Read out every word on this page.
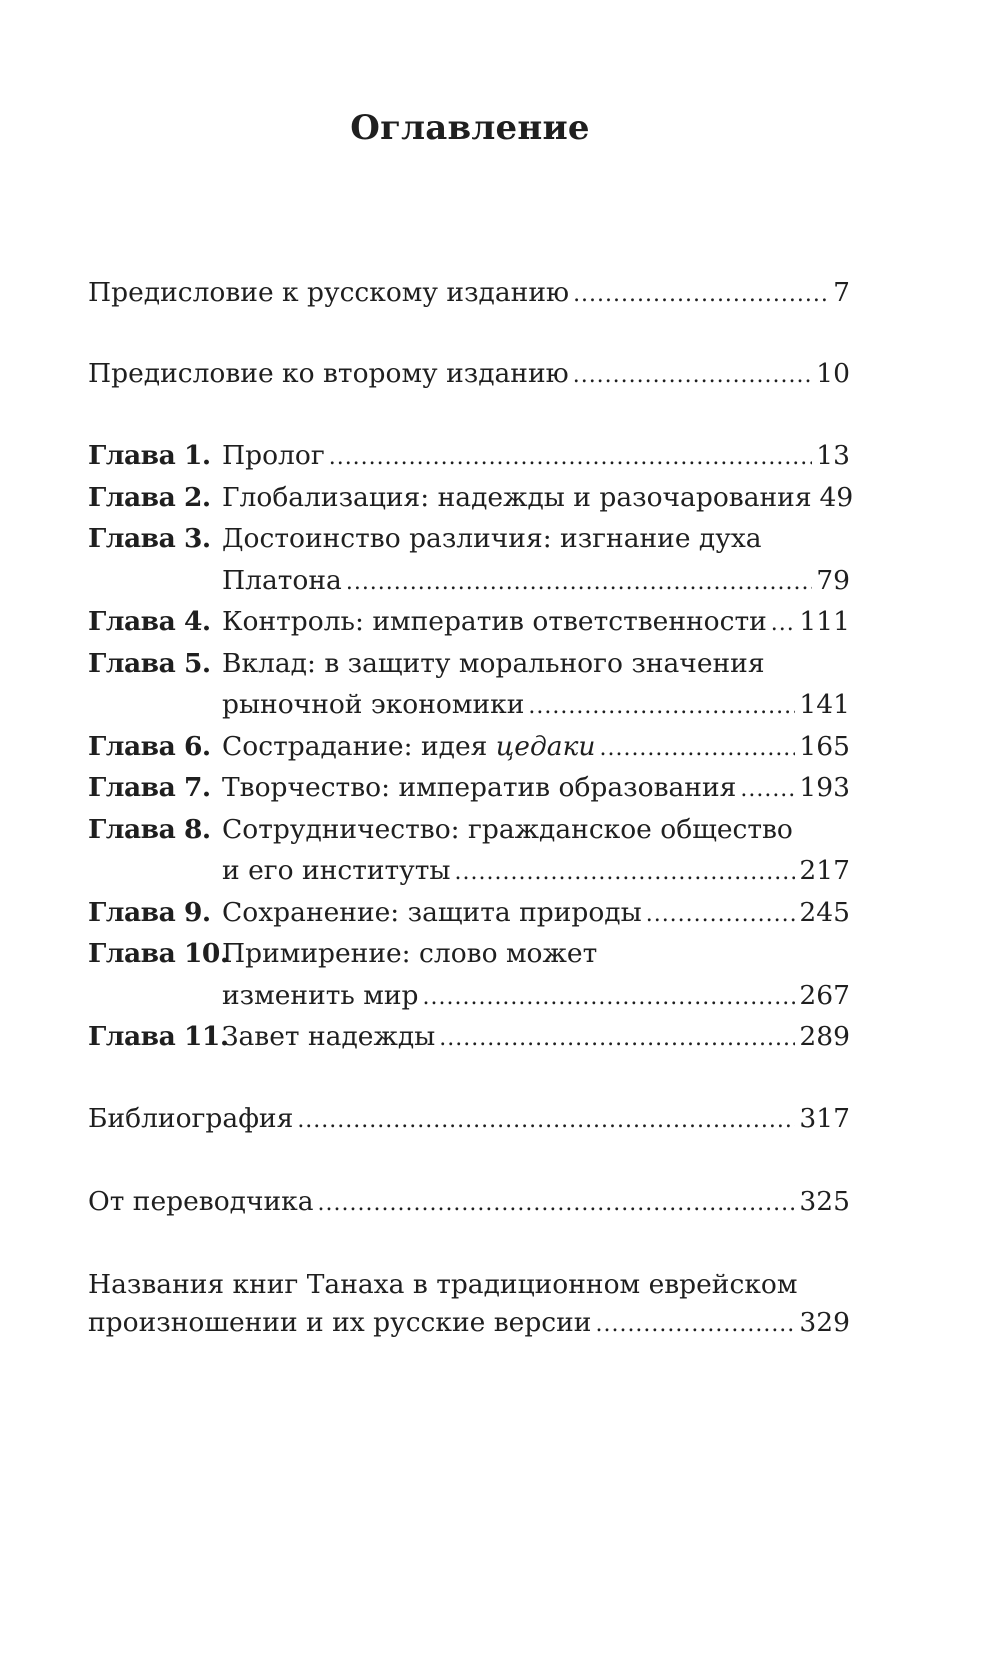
Оглавление
Предисловие к русскому изданию .....	7
Предисловие ко второму изданию .....	10
Глава 1. Пролог .....	13
Глава 2. Глобализация: надежды и разочарования 49
Глава 3. Достоинство различия: изгнание духа
Платона .....	79
Глава 4. Контроль: императив ответственности ..... 111
Глава 5. Вклад: в защиту морального значения
рыночной экономики .....	141
Глава 6. Сострадание: идея цедаки .....	165
Глава 7. Творчество: императив образования ..... 193
Глава 8. Сотрудничество: гражданское общество
и его институты .....	217
Глава 9. Сохранение: защита природы .....	245
Глава 10.
Примирение: слово может
изменить мир .....	267
Глава 11.
Завет надежды .....	289
Библиография .....	317
От переводчика .....	325
Названия книг Танаха в традиционном еврейском
произношении и их русские версии .....	329
